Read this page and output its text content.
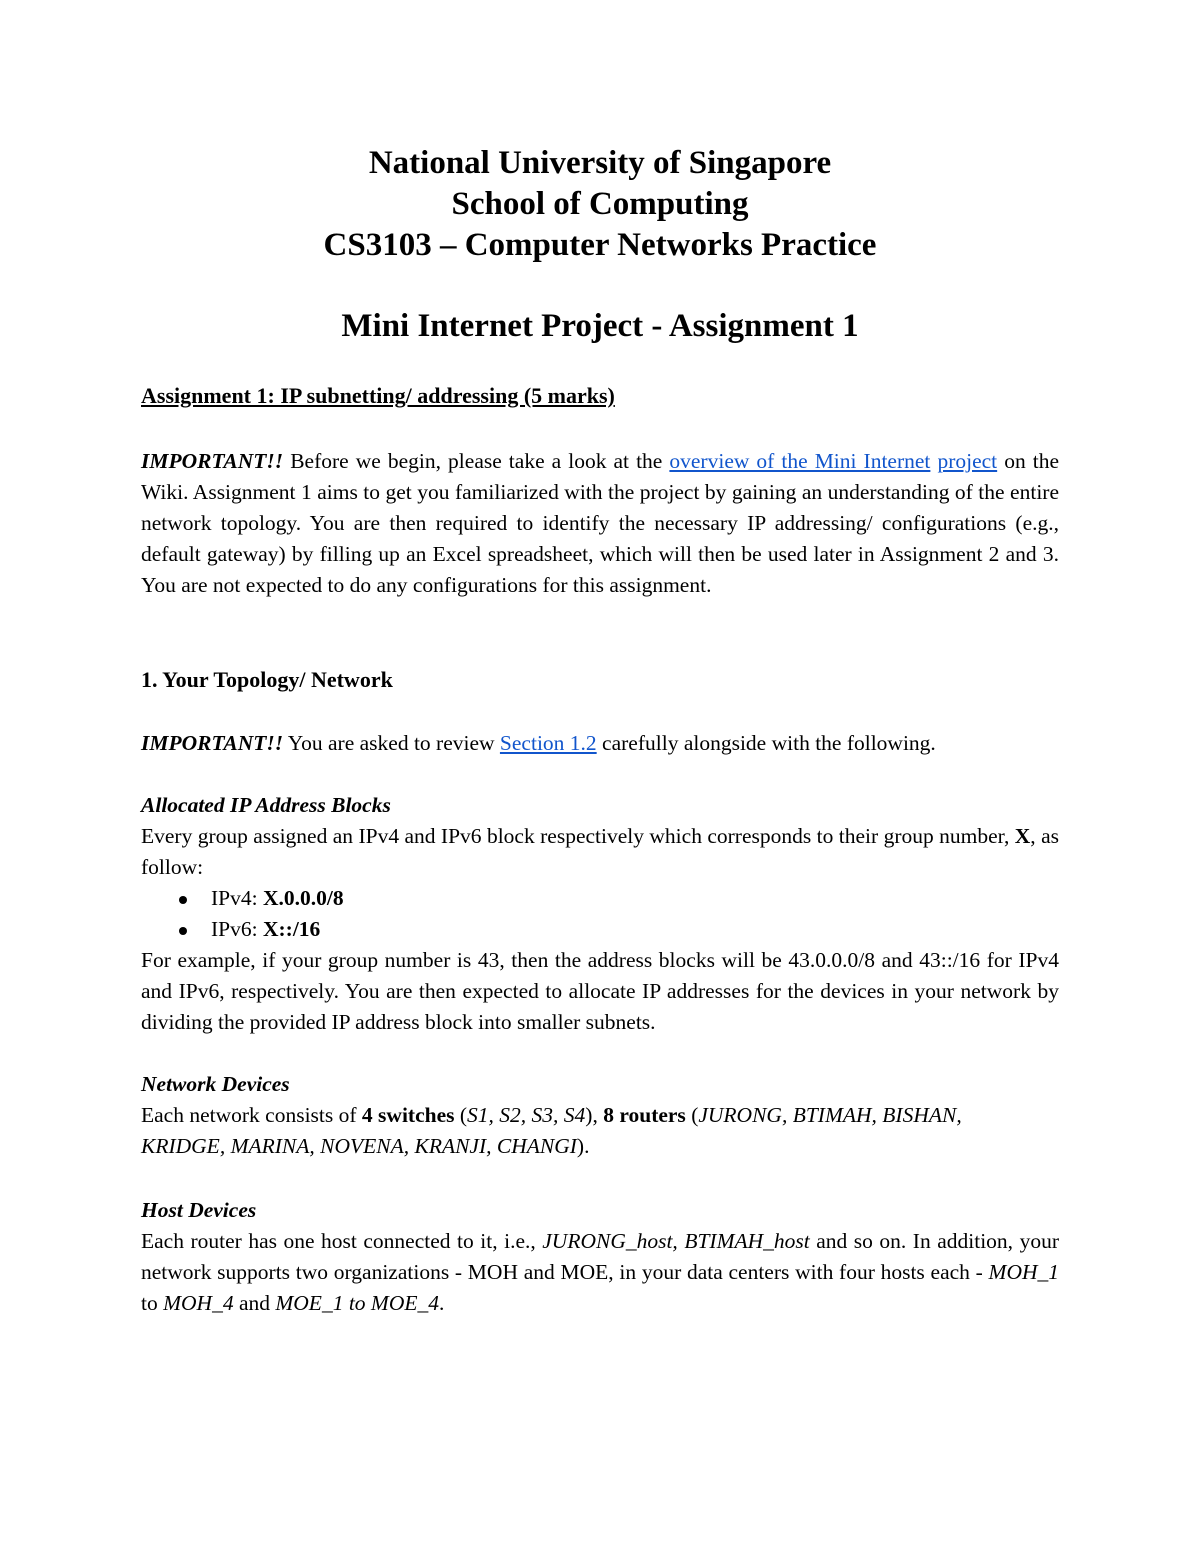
National University of Singapore
School of Computing
CS3103 – Computer Networks Practice
Mini Internet Project - Assignment 1
Assignment 1: IP subnetting/ addressing (5 marks)
IMPORTANT!! Before we begin, please take a look at the overview of the Mini Internet project on the Wiki. Assignment 1 aims to get you familiarized with the project by gaining an understanding of the entire network topology. You are then required to identify the necessary IP addressing/ configurations (e.g., default gateway) by filling up an Excel spreadsheet, which will then be used later in Assignment 2 and 3. You are not expected to do any configurations for this assignment.
1. Your Topology/ Network
IMPORTANT!! You are asked to review Section 1.2 carefully alongside with the following.
Allocated IP Address Blocks
Every group assigned an IPv4 and IPv6 block respectively which corresponds to their group number, X, as follow:
IPv4: X.0.0.0/8
IPv6: X::/16
For example, if your group number is 43, then the address blocks will be 43.0.0.0/8 and 43::/16 for IPv4 and IPv6, respectively. You are then expected to allocate IP addresses for the devices in your network by dividing the provided IP address block into smaller subnets.
Network Devices
Each network consists of 4 switches (S1, S2, S3, S4), 8 routers (JURONG, BTIMAH, BISHAN,
KRIDGE, MARINA, NOVENA, KRANJI, CHANGI).
Host Devices
Each router has one host connected to it, i.e., JURONG_host, BTIMAH_host and so on. In addition, your network supports two organizations - MOH and MOE, in your data centers with four hosts each - MOH_1 to MOH_4 and MOE_1 to MOE_4.
